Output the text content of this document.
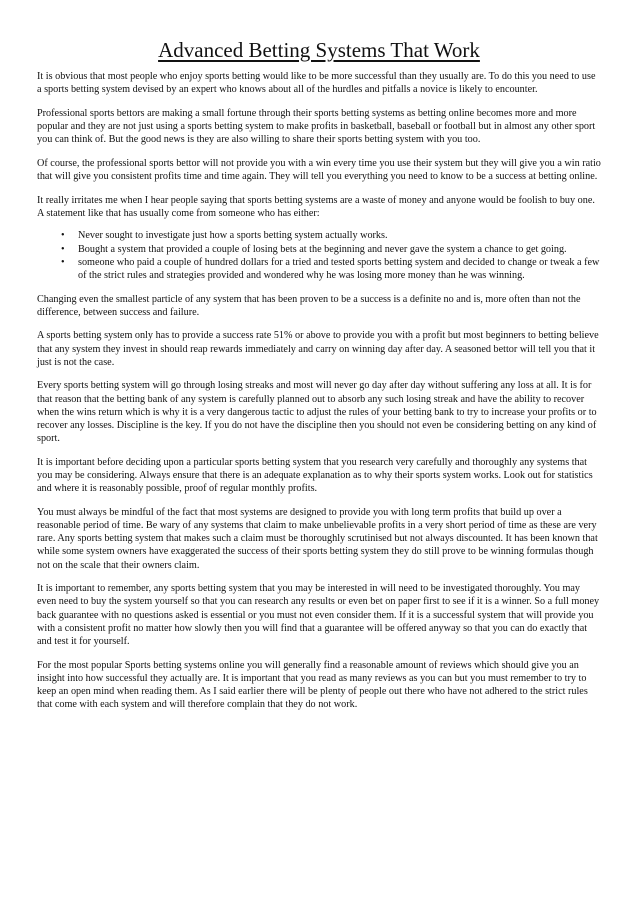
Advanced Betting Systems That Work

It is obvious that most people who enjoy sports betting would like to be more successful than they usually are. To do this you need to use a sports betting system devised by an expert who knows about all of the hurdles and pitfalls a novice is likely to encounter.

Professional sports bettors are making a small fortune through their sports betting systems as betting online becomes more and more popular and they are not just using a sports betting system to make profits in basketball, baseball or football but in almost any other sport you can think of. But the good news is they are also willing to share their sports betting system with you too.

Of course, the professional sports bettor will not provide you with a win every time you use their system but they will give you a win ratio that will give you consistent profits time and time again. They will tell you everything you need to know to be a success at betting online.

It really irritates me when I hear people saying that sports betting systems are a waste of money and anyone would be foolish to buy one. A statement like that has usually come from someone who has either:

• Never sought to investigate just how a sports betting system actually works.
• Bought a system that provided a couple of losing bets at the beginning and never gave the system a chance to get going.
• someone who paid a couple of hundred dollars for a tried and tested sports betting system and decided to change or tweak a few of the strict rules and strategies provided and wondered why he was losing more money than he was winning.

Changing even the smallest particle of any system that has been proven to be a success is a definite no and is, more often than not the difference, between success and failure.

A sports betting system only has to provide a success rate 51% or above to provide you with a profit but most beginners to betting believe that any system they invest in should reap rewards immediately and carry on winning day after day. A seasoned bettor will tell you that it just is not the case.

Every sports betting system will go through losing streaks and most will never go day after day without suffering any loss at all. It is for that reason that the betting bank of any system is carefully planned out to absorb any such losing streak and have the ability to recover when the wins return which is why it is a very dangerous tactic to adjust the rules of your betting bank to try to increase your profits or to recover any losses. Discipline is the key. If you do not have the discipline then you should not even be considering betting on any kind of sport.

It is important before deciding upon a particular sports betting system that you research very carefully and thoroughly any systems that you may be considering. Always ensure that there is an adequate explanation as to why their sports system works. Look out for statistics and where it is reasonably possible, proof of regular monthly profits.

You must always be mindful of the fact that most systems are designed to provide you with long term profits that build up over a reasonable period of time. Be wary of any systems that claim to make unbelievable profits in a very short period of time as these are very rare. Any sports betting system that makes such a claim must be thoroughly scrutinised but not always discounted. It has been known that while some system owners have exaggerated the success of their sports betting system they do still prove to be winning formulas though not on the scale that their owners claim.

It is important to remember, any sports betting system that you may be interested in will need to be investigated thoroughly. You may even need to buy the system yourself so that you can research any results or even bet on paper first to see if it is a winner. So a full money back guarantee with no questions asked is essential or you must not even consider them. If it is a successful system that will provide you with a consistent profit no matter how slowly then you will find that a guarantee will be offered anyway so that you can do exactly that and test it for yourself.

For the most popular Sports betting systems online you will generally find a reasonable amount of reviews which should give you an insight into how successful they actually are. It is important that you read as many reviews as you can but you must remember to try to keep an open mind when reading them. As I said earlier there will be plenty of people out there who have not adhered to the strict rules that come with each system and will therefore complain that they do not work.
